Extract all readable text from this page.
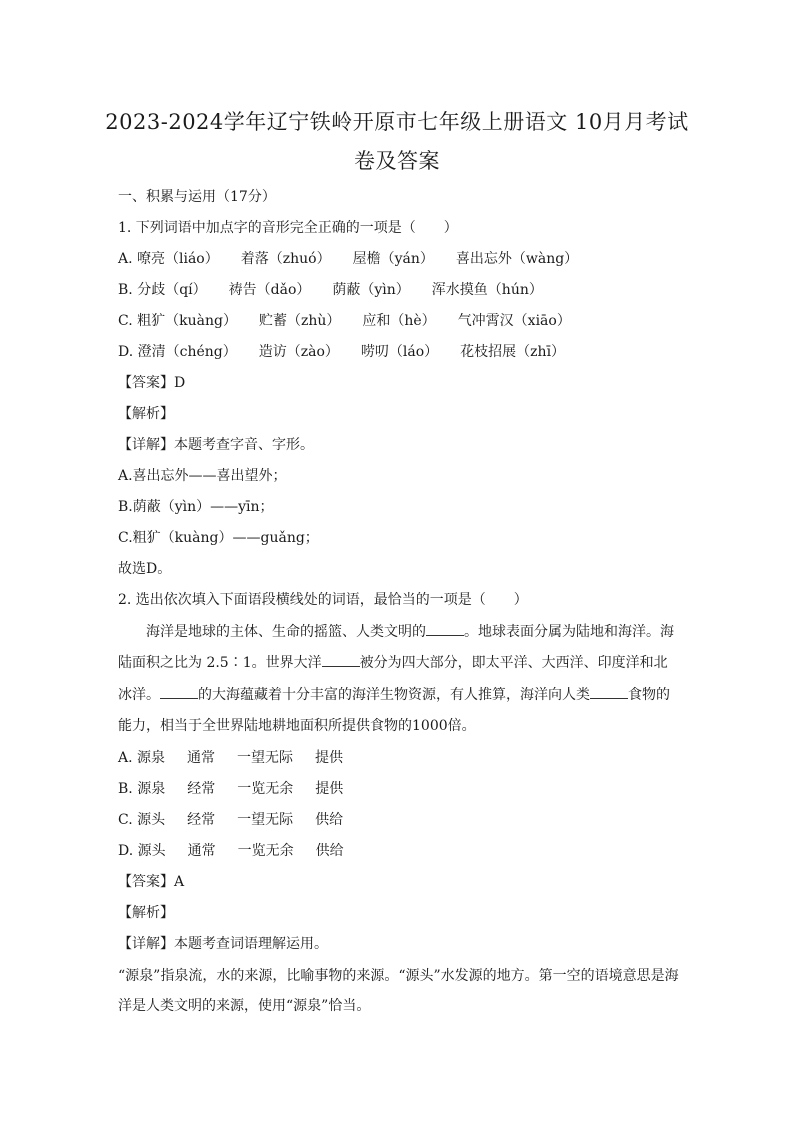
2023-2024学年辽宁铁岭开原市七年级上册语文 10月月考试
卷及答案
一、积累与运用（17分）
1. 下列词语中加点字的音形完全正确的一项是（　　）
A. 嘹亮（liáo） 着落（zhuó） 屋檐（yán） 喜出忘外（wàng）
B. 分歧（qí） 祷告（dǎo） 荫蔽（yìn） 浑水摸鱼（hún）
C. 粗犷（kuàng） 贮蓄（zhù） 应和（hè） 气冲霄汉（xiāo）
D. 澄清（chéng） 造访（zào） 唠叨（láo） 花枝招展（zhī）
【答案】D
【解析】
【详解】本题考查字音、字形。
A.喜出忘外——喜出望外；
B.荫蔽（yìn）——yīn；
C.粗犷（kuàng）——guǎng；
故选D。
2. 选出依次填入下面语段横线处的词语，最恰当的一项是（　　）
海洋是地球的主体、生命的摇篮、人类文明的	。地球表面分属为陆地和海洋。海陆面积之比为 2.5∶1。世界大洋	被分为四大部分，即太平洋、大西洋、印度洋和北冰洋。	的大海蕴藏着十分丰富的海洋生物资源，有人推算，海洋向人类	食物的能力，相当于全世界陆地耕地面积所提供食物的1000倍。
A. 源泉 通常 一望无际 提供
B. 源泉 经常 一览无余 提供
C. 源头 经常 一望无际 供给
D. 源头 通常 一览无余 供给
【答案】A
【解析】
【详解】本题考查词语理解运用。
“源泉”指泉流，水的来源，比喻事物的来源。“源头”水发源的地方。第一空的语境意思是海洋是人类文明的来源，使用“源泉”恰当。
